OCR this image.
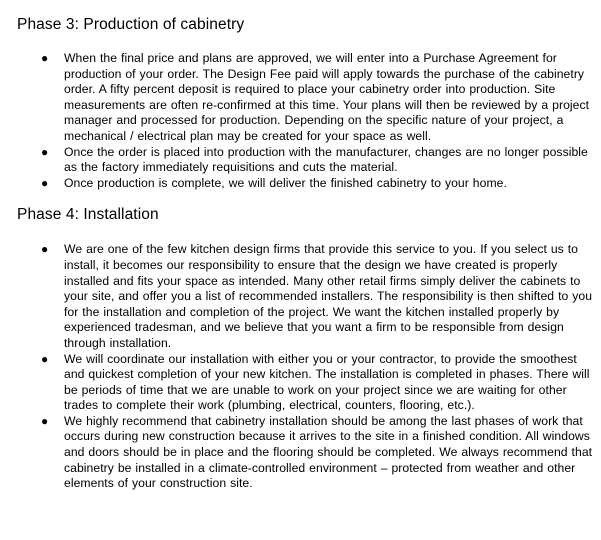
Phase 3: Production of cabinetry
● When the final price and plans are approved, we will enter into a Purchase Agreement for production of your order. The Design Fee paid will apply towards the purchase of the cabinetry order. A fifty percent deposit is required to place your cabinetry order into production. Site measurements are often re-confirmed at this time. Your plans will then be reviewed by a project manager and processed for production. Depending on the specific nature of your project, a mechanical / electrical plan may be created for your space as well.
● Once the order is placed into production with the manufacturer, changes are no longer possible as the factory immediately requisitions and cuts the material.
● Once production is complete, we will deliver the finished cabinetry to your home.
Phase 4: Installation
● We are one of the few kitchen design firms that provide this service to you. If you select us to install, it becomes our responsibility to ensure that the design we have created is properly installed and fits your space as intended. Many other retail firms simply deliver the cabinets to your site, and offer you a list of recommended installers. The responsibility is then shifted to you for the installation and completion of the project. We want the kitchen installed properly by experienced tradesman, and we believe that you want a firm to be responsible from design through installation.
● We will coordinate our installation with either you or your contractor, to provide the smoothest and quickest completion of your new kitchen. The installation is completed in phases. There will be periods of time that we are unable to work on your project since we are waiting for other trades to complete their work (plumbing, electrical, counters, flooring, etc.).
● We highly recommend that cabinetry installation should be among the last phases of work that occurs during new construction because it arrives to the site in a finished condition. All windows and doors should be in place and the flooring should be completed. We always recommend that cabinetry be installed in a climate-controlled environment – protected from weather and other elements of your construction site.
